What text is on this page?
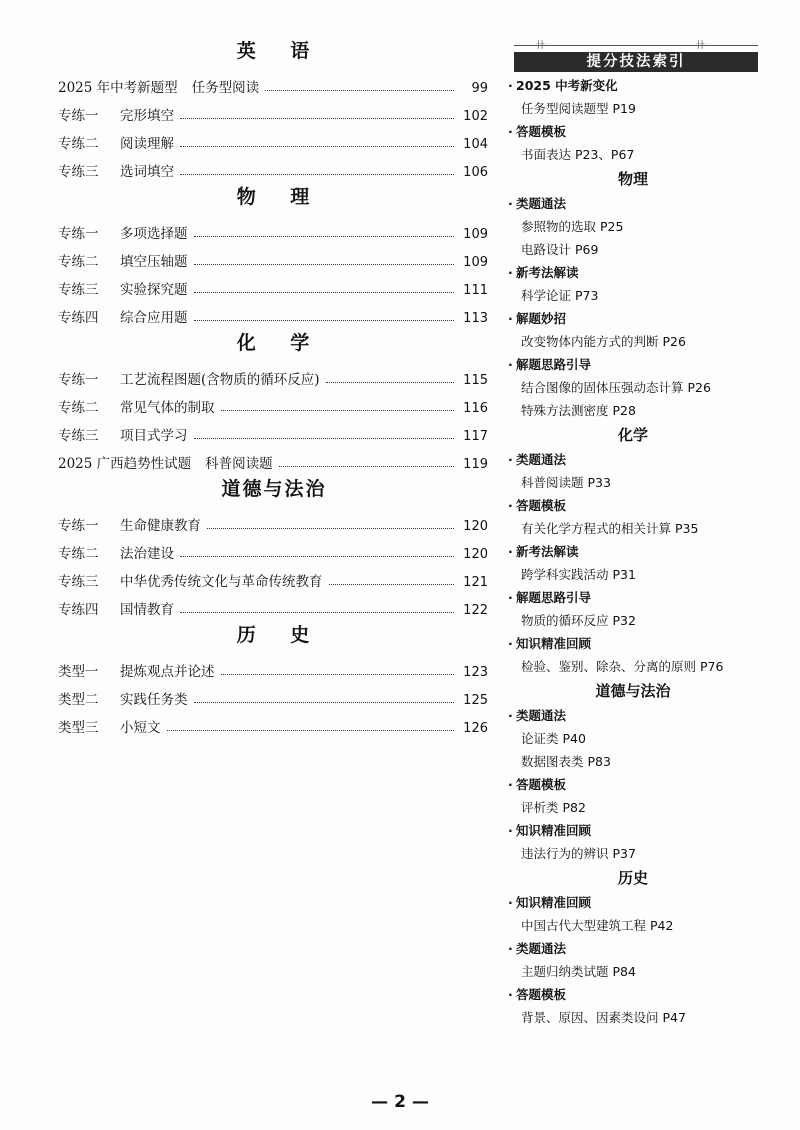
英 语
2025 年中考新题型 任务型阅读	99
专练一	完形填空	102
专练二	阅读理解	104
专练三	选词填空	106
物 理
专练一	多项选择题	109
专练二	填空压轴题	109
专练三	实验探究题	111
专练四	综合应用题	113
化 学
专练一	工艺流程图题(含物质的循环反应)	115
专练二	常见气体的制取	116
专练三	项目式学习	117
2025 广西趋势性试题 科普阅读题	119
道德与法治
专练一	生命健康教育	120
专练二	法治建设	120
专练三	中华优秀传统文化与革命传统教育	121
专练四	国情教育	122
历 史
类型一	提炼观点并论述	123
类型二	实践任务类	125
类型三	小短文	126
卄	卄
提分技法索引
· 2025 中考新变化
任务型阅读题型 P19
· 答题模板
书面表达 P23、P67
物理
· 类题通法
参照物的选取 P25
电路设计 P69
· 新考法解读
科学论证 P73
· 解题妙招
改变物体内能方式的判断 P26
· 解题思路引导
结合图像的固体压强动态计算 P26
特殊方法测密度 P28
化学
· 类题通法
科普阅读题 P33
· 答题模板
有关化学方程式的相关计算 P35
· 新考法解读
跨学科实践活动 P31
· 解题思路引导
物质的循环反应 P32
· 知识精准回顾
检验、鉴别、除杂、分离的原则 P76
道德与法治
· 类题通法
论证类 P40
数据图表类 P83
· 答题模板
评析类 P82
· 知识精准回顾
违法行为的辨识 P37
历史
· 知识精准回顾
中国古代大型建筑工程 P42
· 类题通法
主题归纳类试题 P84
· 答题模板
背景、原因、因素类设问 P47
— 2 —
